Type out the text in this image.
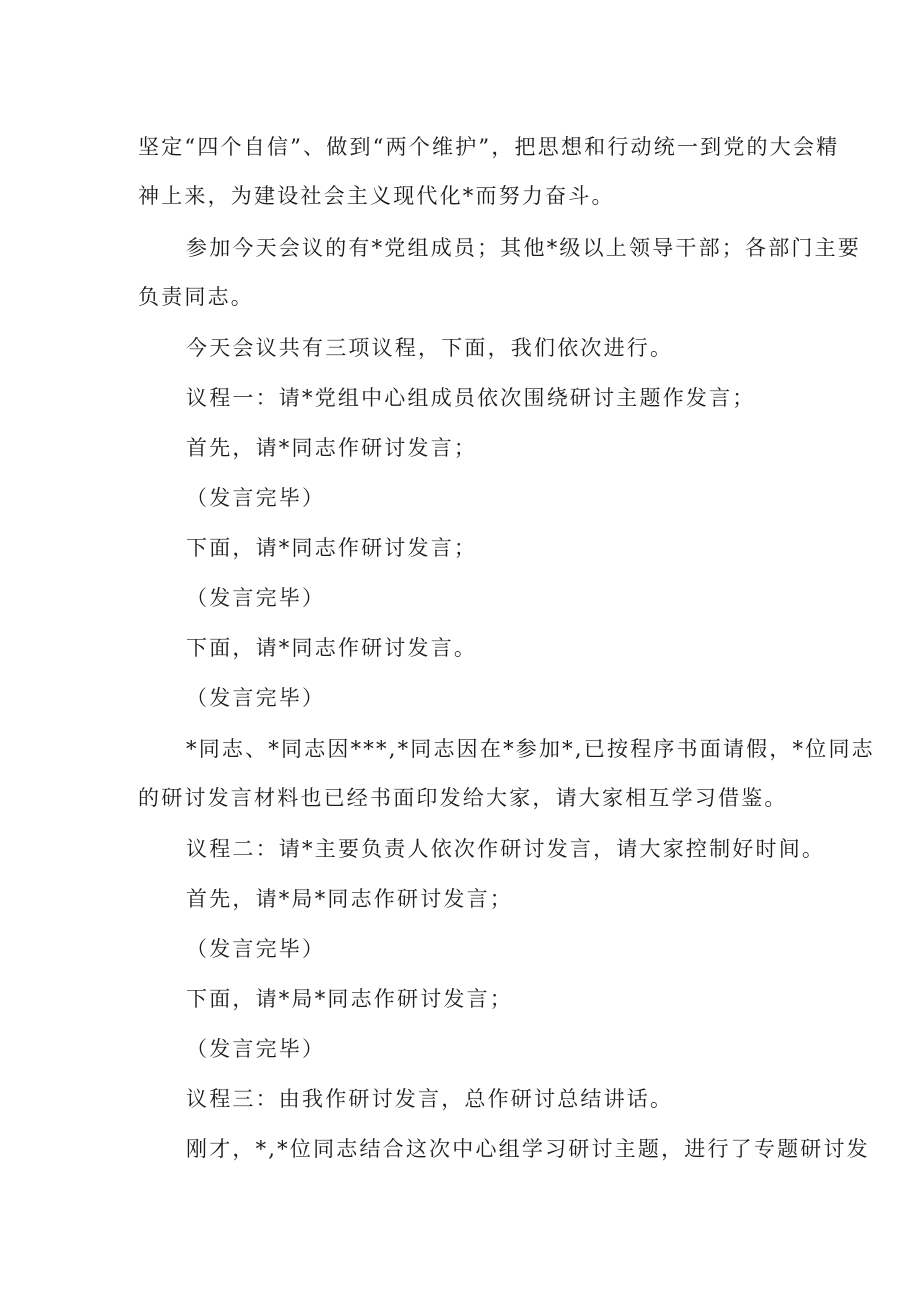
坚定“四个自信”、做到“两个维护”，把思想和行动统一到党的大会精
神上来，为建设社会主义现代化*而努力奋斗。
参加今天会议的有*党组成员；其他*级以上领导干部；各部门主要
负责同志。
今天会议共有三项议程，下面，我们依次进行。
议程一：请*党组中心组成员依次围绕研讨主题作发言；
首先，请*同志作研讨发言；
（发言完毕）
下面，请*同志作研讨发言；
（发言完毕）
下面，请*同志作研讨发言。
（发言完毕）
*同志、*同志因***,*同志因在*参加*,已按程序书面请假，*位同志
的研讨发言材料也已经书面印发给大家，请大家相互学习借鉴。
议程二：请*主要负责人依次作研讨发言，请大家控制好时间。
首先，请*局*同志作研讨发言；
（发言完毕）
下面，请*局*同志作研讨发言；
（发言完毕）
议程三：由我作研讨发言，总作研讨总结讲话。
刚才，*,*位同志结合这次中心组学习研讨主题，进行了专题研讨发
